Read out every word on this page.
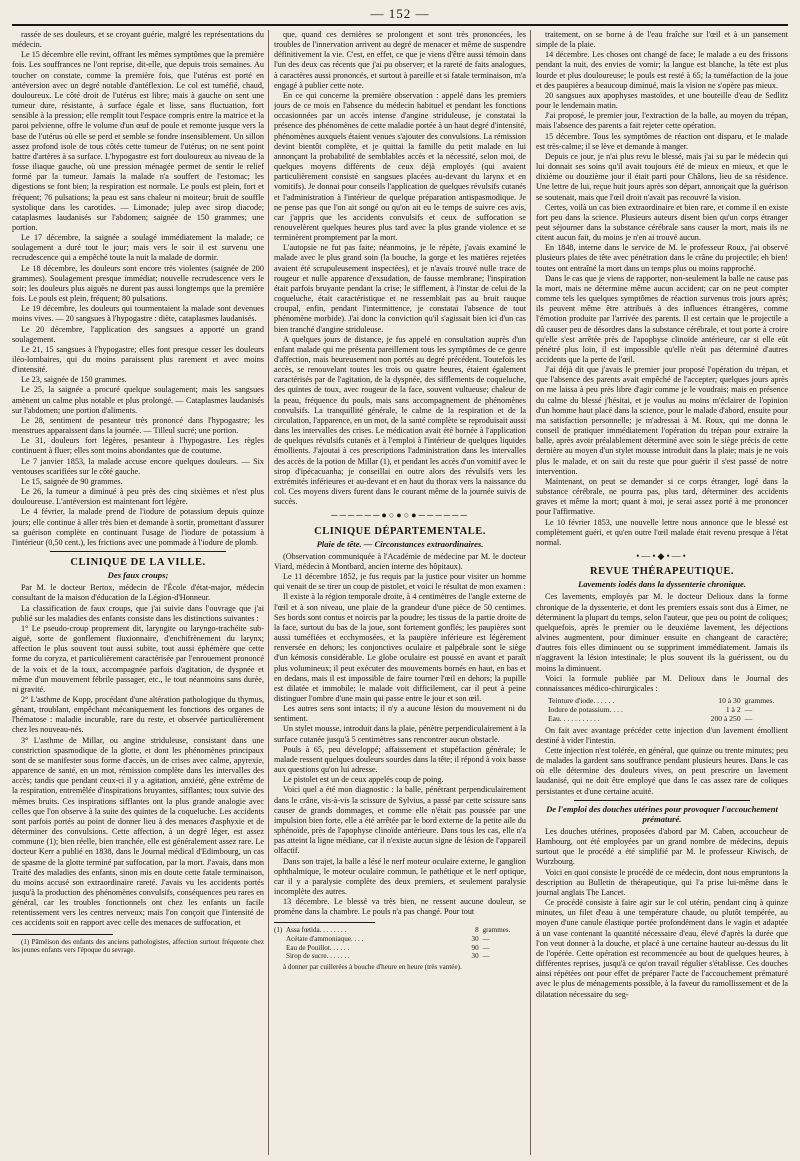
— 152 —

rassée de ses douleurs, et se croyant guérie, malgré les représentations du médecin.

Le 15 décembre elle revint, offrant les mêmes symptômes que la première fois. Les souffrances ne l'ont reprise, dit-elle, que depuis trois semaines. Au toucher on constate, comme la première fois, que l'utérus est porté en antéversion avec un degré notable d'antéflexion. Le col est tuméfié, chaud, douloureux. Le côté droit de l'utérus est libre; mais à gauche on sent une tumeur dure, résistante, à surface égale et lisse, sans fluctuation, fort sensible à la pression; elle remplit tout l'espace compris entre la matrice et la paroi pelvienne, offre le volume d'un œuf de poule et remonte jusque vers la base de l'utérus où elle se perd et semble se fondre insensiblement. Un sillon assez profond isole de tous côtés cette tumeur de l'utérus; on ne sent point battre d'artères à sa surface. L'hypogastre est fort douloureux au niveau de la fosse iliaque gauche, où une pression ménagée permet de sentir le relief formé par la tumeur. Jamais la malade n'a souffert de l'estomac; les digestions se font bien; la respiration est normale. Le pouls est plein, fort et fréquent; 76 pulsations; la peau est sans chaleur ni moiteur; bruit de souffle systolique dans les carotides. — Limonade; julep avec sirop diacode; cataplasmes laudanisés sur l'abdomen; saignée de 150 grammes; une portion.

Le 17 décembre, la saignée a soulagé immédiatement la malade; ce soulagement a duré tout le jour; mais vers le soir il est survenu une recrudescence qui a empêché toute la nuit la malade de dormir.

Le 18 décembre, les douleurs sont encore très violentes (saignée de 200 grammes). Soulagement presque immédiat; nouvelle recrudescence vers le soir; les douleurs plus aiguës ne durent pas aussi longtemps que la première fois. Le pouls est plein, fréquent; 80 pulsations.

Le 19 décembre, les douleurs qui tourmentaient la malade sont devenues moins vives. — 20 sangsues à l'hypogastre : diète, cataplasmes laudanisés.

Le 20 décembre, l'application des sangsues a apporté un grand soulagement.

Le 21, 15 sangsues à l'hypogastre; elles font presque cesser les douleurs iléo-lombaires, qui du moins paraissent plus rarement et avec moins d'intensité.

Le 23, saignée de 150 grammes.

Le 25, la saignée a procuré quelque soulagement; mais les sangsues amènent un calme plus notable et plus prolongé. — Cataplasmes laudanisés sur l'abdomen; une portion d'aliments.

Le 28, sentiment de pesanteur très prononcé dans l'hypogastre; les menstrues apparaissent dans la journée. — Tilleul sucré; une portion.

Le 31, douleurs fort légères, pesanteur à l'hypogastre. Les règles continuent à fluer; elles sont moins abondantes que de coutume.

Le 7 janvier 1853, la malade accuse encore quelques douleurs. — Six ventouses scarifiées sur le côté gauche.

Le 15, saignée de 90 grammes.

Le 26, la tumeur a diminué à peu près des cinq sixièmes et n'est plus douloureuse. L'antéversion est maintenant fort légère.

Le 4 février, la malade prend de l'iodure de potassium depuis quinze jours; elle continue à aller très bien et demande à sortir, promettant d'assurer sa guérison complète en continuant l'usage de l'iodure de potassium à l'intérieur (0,50 cent.), les frictions avec une pommade à l'iodure de plomb.

CLINIQUE DE LA VILLE.
Des faux croups;

Par M. le docteur Bertox, médecin de l'École d'état-major, médecin consultant de la maison d'éducation de la Légion-d'Honneur.

La classification de faux croups, que j'ai suivie dans l'ouvrage que j'ai publié sur les maladies des enfants consiste dans les distinctions suivantes :

1° Le pseudo-croup proprement dit, laryngite ou laryngo-trachéite sub-aiguë, sorte de gonflement fluxionnaire, d'enchifrènement du larynx; affection le plus souvent tout aussi subite, tout aussi éphémère que cette forme du coryza, et particulièrement caractérisée par l'enrouement prononcé de la voix et de la toux, accompagnée parfois d'agitation, de dyspnée et même d'un mouvement fébrile passager, etc., le tout néanmoins sans durée, ni gravité.

2° L'asthme de Kopp, procédant d'une altération pathologique du thymus, gênant, troublant, empêchant mécaniquement les fonctions des organes de l'hématose : maladie incurable, rare du reste, et observée particulièrement chez les nouveau-nés.

3° L'asthme de Millar, ou angine striduleuse, consistant dans une constriction spasmodique de la glotte, et dont les phénomènes principaux sont de se manifester sous forme d'accès, un de crises avec calme, apyrexie, apparence de santé, en un mot, rémission complète dans les intervalles des accès; tandis que pendant ceux-ci il y a agitation, anxiété, gêne extrême de la respiration, entremêlée d'inspirations bruyantes, sifflantes; toux suivie des mêmes bruits. Ces inspirations sifflantes ont la plus grande analogie avec celles que l'on observe à la suite des quintes de la coqueluche. Les accidents sont parfois portés au point de donner lieu à des menaces d'asphyxie et de déterminer des convulsions. Cette affection, à un degré léger, est assez commune (1); bien réelle, bien tranchée, elle est généralement assez rare. Le docteur Kerr a publié en 1838, dans le Journal médical d'Edimbourg, un cas de spasme de la glotte terminé par suffocation, par la mort. J'avais, dans mon Traité des maladies des enfants, sinon mis en doute cette fatale terminaison, du moins accusé son extraordinaire rareté. J'avais vu les accidents portés jusqu'à la production des phénomènes convulsifs, conséquences peu rares en général, car les troubles fonctionnels ont chez les enfants un facile retentissement vers les centres nerveux; mais l'on conçoit que l'intensité de ces accidents soit en rapport avec celle des menaces de suffocation, et

(1) Pâméison des enfants des anciens pathologistes, affection surtout fréquente chez les jeunes enfants vers l'époque du sevrage.

que, quand ces dernières se prolongent et sont très prononcées, les troubles de l'innervation arrivent au degré de menacer et même de suspendre définitivement la vie. C'est, en effet, ce que je viens d'être aussi témoin dans l'un des deux cas récents que j'ai pu observer; et la rareté de faits analogues, à caractères aussi prononcés, et surtout à pareille et si fatale terminaison, m'a engagé à publier cette note.

En ce qui concerne la première observation : appelé dans les premiers jours de ce mois en l'absence du médecin habituel et pendant les fonctions occasionnées par un accès intense d'angine striduleuse, je constatai la présence des phénomènes de cette maladie portée à un haut degré d'intensité, phénomènes auxquels étaient venues s'ajouter des convulsions. La rémission devint bientôt complète, et je quittai la famille du petit malade en lui annonçant la probabilité de semblables accès et la nécessité, selon moi, de quelques moyens différents de ceux déjà employés (qui avaient particulièrement consisté en sangsues placées au-devant du larynx et en vomitifs). Je donnai pour conseils l'application de quelques révulsifs cutanés et l'administration à l'intérieur de quelque préparation antispasmodique. Je ne pense pas que l'on ait songé ou qu'on ait eu le temps de suivre ces avis, car j'appris que les accidents convulsifs et ceux de suffocation se renouvelèrent quelques heures plus tard avec la plus grande violence et se terminèrent promptement par la mort.

L'autopsie ne fut pas faite; néanmoins, je le répète, j'avais examiné le malade avec le plus grand soin (la bouche, la gorge et les matières rejetées avaient été scrupuleusement inspectées), et je n'avais trouvé nulle trace de rougeur et nulle apparence d'exsudation, de fausse membrane; l'inspiration était parfois bruyante pendant la crise; le sifflement, à l'instar de celui de la coqueluche, était caractéristique et ne ressemblait pas au bruit rauque croupal, enfin, pendant l'intermittence, je constatai l'absence de tout phénomène morbide). J'ai donc la conviction qu'il s'agissait bien ici d'un cas bien tranché d'angine striduleuse.

A quelques jours de distance, je fus appelé en consultation auprès d'un enfant malade qui me présenta pareillement tous les symptômes de ce genre d'affection, mais heureusement non portés au degré précédent. Toutefois les accès, se renouvelant toutes les trois ou quatre heures, étaient également caractérisés par de l'agitation, de la dyspnée, des sifflements de coqueluche, des quintes de toux, avec rougeur de la face, souvent vultueuse; chaleur de la peau, fréquence du pouls, mais sans accompagnement de phénomènes convulsifs. La tranquillité générale, le calme de la respiration et de la circulation, l'apparence, en un mot, de la santé complète se reproduisait aussi dans les intervalles des crises. Le médication avait été bornée à l'application de quelques révulsifs cutanés et à l'emploi à l'intérieur de quelques liquides émollients. J'ajoutai à ces prescriptions l'administration dans les intervalles des accès de la potion de Millar (1), et pendant les accès d'un vomitif avec le sirop d'ipécacuanha; je conseillai en outre alors des révulsifs vers les extrémités inférieures et au-devant et en haut du thorax vers la naissance du col. Ces moyens divers furent dans le courant même de la journée suivis de succès.

──────●○●○●──────
CLINIQUE DÉPARTEMENTALE.
Plaie de tête. — Circonstances extraordinaires.

(Observation communiquée à l'Académie de médecine par M. le docteur Viard, médecin à Montbard, ancien interne des hôpitaux).

Le 11 décembre 1852, je fus requis par la justice pour visiter un homme qui venait de se tirer un coup de pistolet, et voici le résultat de mon examen :

Il existe à la région temporale droite, à 4 centimètres de l'angle externe de l'œil et à son niveau, une plaie de la grandeur d'une pièce de 50 centimes. Ses bords sont contus et noircis par la poudre; les tissus de la partie droite de la face, surtout du bas de la joue, sont fortement gonflés; les paupières sont aussi tuméfiées et ecchymosées, et la paupière inférieure est légèrement renversée en dehors; les conjonctives oculaire et palpébrale sont le siège d'un kémosis considérable. Le globe oculaire est poussé en avant et paraît plus volumineux; il peut exécuter des mouvements bornés en haut, en bas et en dedans, mais il est impossible de faire tourner l'œil en dehors; la pupille est dilatée et immobile; le malade voit difficilement, car il peut à peine distinguer l'ombre d'une main qui passe entre le jour et son œil.

Les autres sens sont intacts; il n'y a aucune lésion du mouvement ni du sentiment.

Un stylet mousse, introduit dans la plaie, pénètre perpendiculairement à la surface cutanée jusqu'à 5 centimètres sans rencontrer aucun obstacle.

Pouls à 65, peu développé; affaissement et stupéfaction générale; le malade ressent quelques douleurs sourdes dans la tête; il répond à voix basse aux questions qu'on lui adresse.

Le pistolet est un de ceux appelés coup de poing.

Voici quel a été mon diagnostic : la balle, pénétrant perpendiculairement dans le crâne, vis-à-vis la scissure de Sylvius, a passé par cette scissure sans causer de grands dommages, et comme elle n'était pas poussée par une impulsion bien forte, elle a été arrêtée par le bord externe de la petite aile du sphénoïde, près de l'apophyse clinoïde antérieure. Dans tous les cas, elle n'a pas atteint la ligne médiane, car il n'existe aucun signe de lésion de l'appareil olfactif.

Dans son trajet, la balle a lésé le nerf moteur oculaire externe, le ganglion ophthalmique, le moteur oculaire commun, le pathétique et le nerf optique, car il y a paralysie complète des deux premiers, et seulement paralysie incomplète des autres.

13 décembre. Le blessé va très bien, ne ressent aucune douleur, se promène dans la chambre. Le pouls n'a pas changé. Pour tout

(1) Assa fœtida. . . . . . . .	8	grammes.
Acétate d'ammoniaque. . . .	30	—
Eau de Pouillot. . . . . .	90	—
Sirop de sucre. . . . . . .	30	—

à donner par cuillerées à bouche d'heure en heure (très vantée).

traitement, on se borne à de l'eau fraîche sur l'œil et à un pansement simple de la plaie.

14 décembre. Les choses ont changé de face; le malade a eu des frissons pendant la nuit, des envies de vomir; la langue est blanche, la tête est plus lourde et plus douloureuse; le pouls est resté à 65; la tuméfaction de la joue et des paupières a beaucoup diminué, mais la vision ne s'opère pas mieux.

20 sangsues aux apophyses mastoïdes, et une bouteille d'eau de Sedlitz pour le lendemain matin.

J'ai proposé, le premier jour, l'extraction de la balle, au moyen du trépan, mais l'absence des parents a fait rejeter cette opération.

15 décembre. Tous les symptômes de réaction ont disparu, et le malade est très-calme; il se lève et demande à manger.

Depuis ce jour, je n'ai plus revu le blessé, mais j'ai su par le médecin qui lui donnait ses soins qu'il avait toujours été de mieux en mieux, et que le dixième ou douzième jour il était parti pour Châlons, lieu de sa résidence. Une lettre de lui, reçue huit jours après son départ, annonçait que la guérison se soutenait, mais que l'œil droit n'avait pas recouvré la vision.

Certes, voilà un cas bien extraordinaire et bien rare, et comme il en existe fort peu dans la science. Plusieurs auteurs disent bien qu'un corps étranger peut séjourner dans la substance cérébrale sans causer la mort, mais ils ne citent aucun fait, du moins je n'en ai trouvé aucun.

En 1848, interne dans le service de M. le professeur Roux, j'ai observé plusieurs plaies de tête avec pénétration dans le crâne du projectile; eh bien! toutes ont entraîné la mort dans un temps plus ou moins rapproché.

Dans le cas que je viens de rapporter, non-seulement la balle ne cause pas la mort, mais ne détermine même aucun accident; car on ne peut compter comme tels les quelques symptômes de réaction survenus trois jours après; ils peuvent même être attribués à des influences étrangères, comme l'émotion produite par l'arrivée des parents. Il est certain que le projectile a dû causer peu de désordres dans la substance cérébrale, et tout porte à croire qu'elle s'est arrêtée près de l'apophyse clinoïde antérieure, car si elle eût pénétré plus loin, il est impossible qu'elle n'eût pas déterminé d'autres accidents que la perte de l'œil.

J'ai déjà dit que j'avais le premier jour proposé l'opération du trépan, et que l'absence des parents avait empêché de l'accepter; quelques jours après on me laissa à peu près libre d'agir comme je le voudrais; mais en présence du calme du blessé j'hésitai, et je voulus au moins m'éclairer de l'opinion d'un homme haut placé dans la science, pour le malade d'abord, ensuite pour ma satisfaction personnelle; je m'adressai à M. Roux, qui me donna le conseil de pratiquer immédiatement l'opération du trépan pour extraire la balle, après avoir préalablement déterminé avec soin le siège précis de cette dernière au moyen d'un stylet mousse introduit dans la plaie; mais je ne vois plus le malade, et on sait du reste que pour guérir il s'est passé de notre intervention.

Maintenant, on peut se demander si ce corps étranger, logé dans la substance cérébrale, ne pourra pas, plus tard, déterminer des accidents graves et même la mort; quant à moi, je serai assez porté à me prononcer pour l'affirmative.

Le 10 février 1853, une nouvelle lettre nous annonce que le blessé est complètement guéri, et qu'en outre l'œil malade était revenu presque à l'état normal.

•—•◆•—•
REVUE THÉRAPEUTIQUE.
Lavements iodés dans la dyssenterie chronique.

Ces lavements, employés par M. le docteur Delioux dans la forme chronique de la dyssenterie, et dont les premiers essais sont dus à Eimer, ne déterminent la plupart du temps, selon l'auteur, que peu ou point de coliques; quelquefois, après le premier ou le deuxième lavement, les déjections alvines augmentent, pour diminuer ensuite en changeant de caractère; d'autres fois elles diminuent ou se suppriment immédiatement. Jamais ils n'aggravent la lésion intestinale; le plus souvent ils la guérissent, ou du moins la diminuent.

Voici la formule publiée par M. Delioux dans le Journal des connaissances médico-chirurgicales :

Teinture d'iode. . . . . .	10 à 30	grammes.
Iodure de potassium. . . .	1 à 2	—
Eau. . . . . . . . . . .	200 à 250	—

On fait avec avantage précéder cette injection d'un lavement émollient destiné à vider l'intestin.

Cette injection n'est tolérée, en général, que quinze ou trente minutes; peu de malades la gardent sans souffrance pendant plusieurs heures. Dans le cas où elle détermine des douleurs vives, on peut prescrire un lavement laudanisé, qui ne doit être employé que dans le cas assez rare de coliques persistantes et d'une certaine acuité.

De l'emploi des douches utérines pour provoquer l'accouchement prématuré.

Les douches utérines, proposées d'abord par M. Caben, accoucheur de Hambourg, ont été employées par un grand nombre de médecins, depuis surtout que le procédé a été simplifié par M. le professeur Kiwisch, de Wurzbourg.

Voici en quoi consiste le procédé de ce médecin, dont nous empruntons la description au Bulletin de thérapeutique, qui l'a prise lui-même dans le journal anglais The Lancet.

Ce procédé consiste à faire agir sur le col utérin, pendant cinq à quinze minutes, un filet d'eau à une température chaude, ou plutôt tempérée, au moyen d'une canule élastique portée profondément dans le vagin et adaptée à un vase contenant la quantité nécessaire d'eau, élevé d'après la durée que l'on veut donner à la douche, et placé à une certaine hauteur au-dessus du lit de l'opérée. Cette opération est recommencée au bout de quelques heures, à différentes reprises, jusqu'à ce qu'on travail régulier s'établisse. Ces douches ainsi répétées ont pour effet de préparer l'acte de l'accouchement prématuré avec le plus de ménagements possible, à la faveur du ramollissement et de la dilatation nécessaire du seg-
